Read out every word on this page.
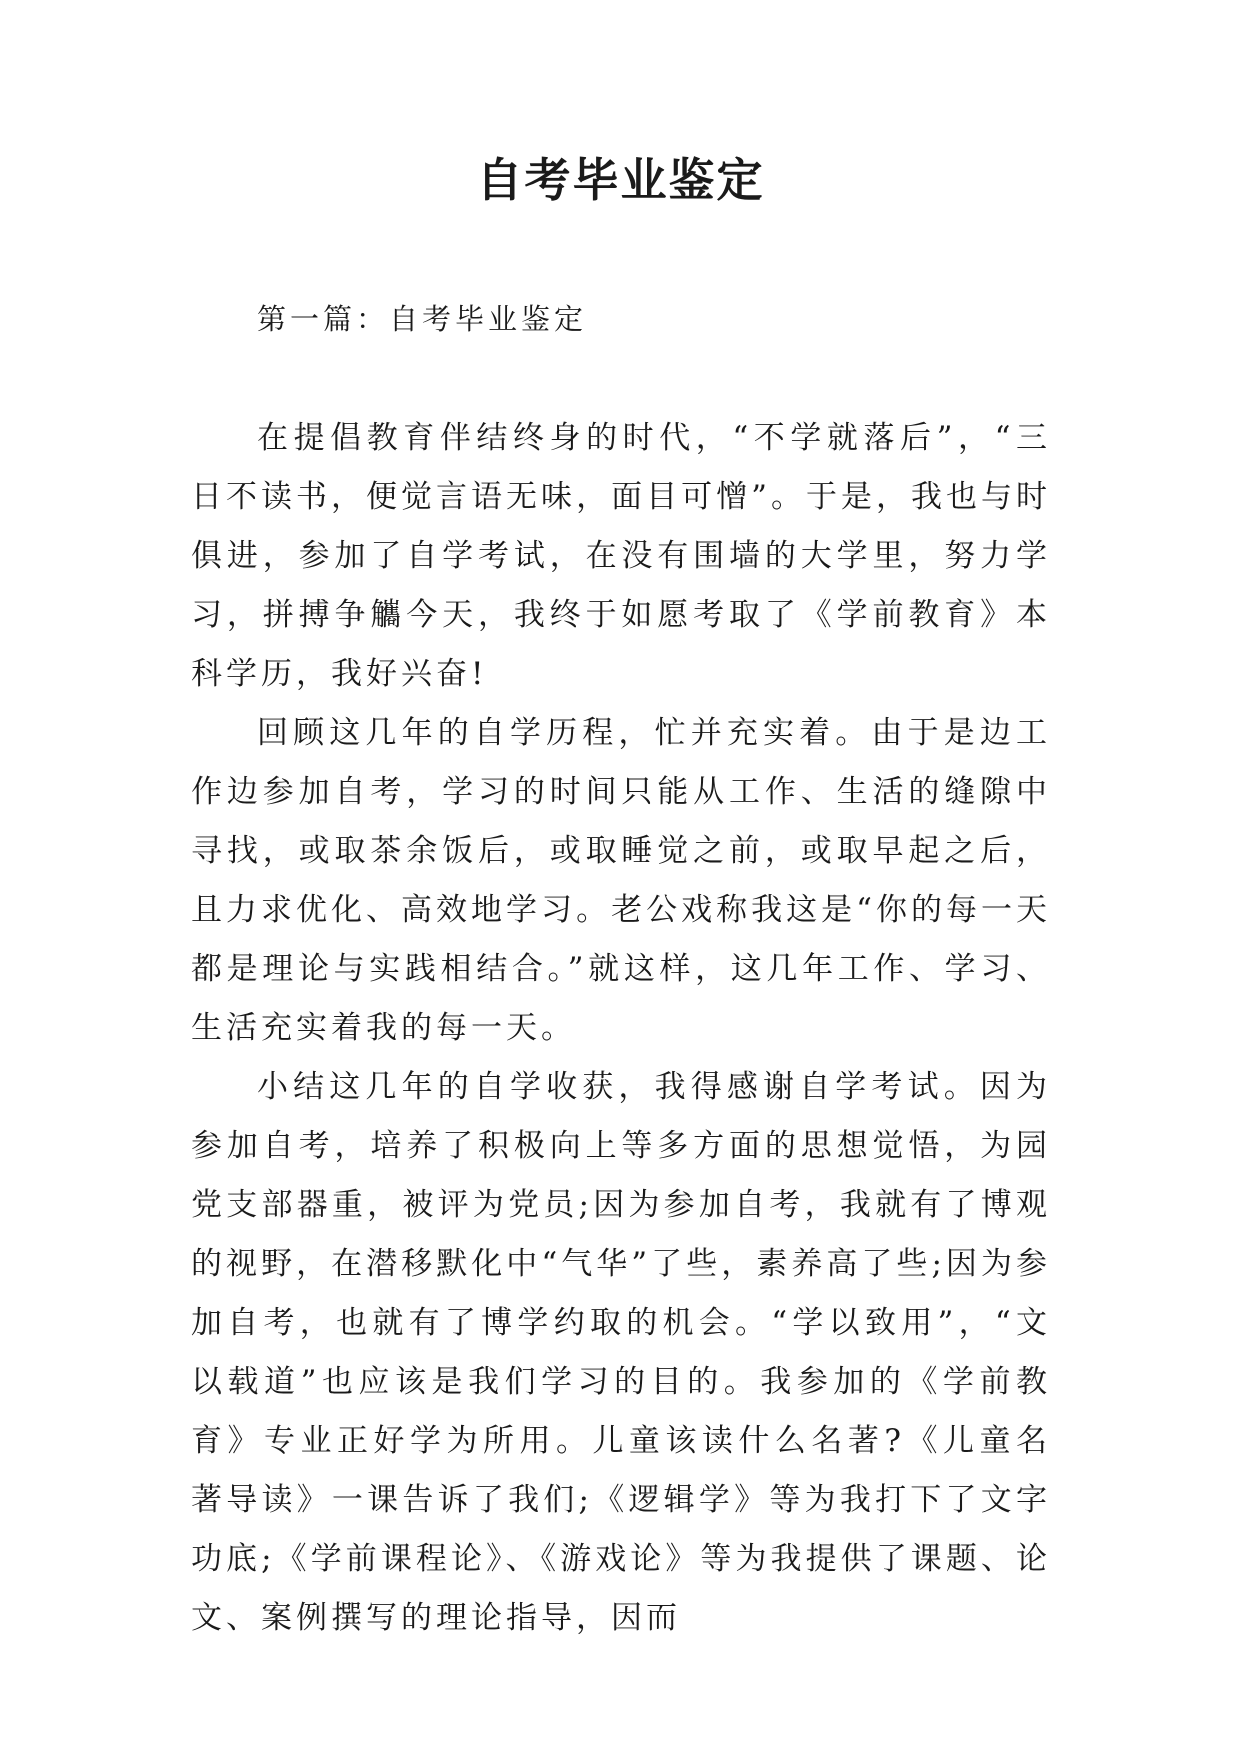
自考毕业鉴定

第一篇：自考毕业鉴定

在提倡教育伴结终身的时代，“不学就落后”，“三日不读书，便觉言语无味，面目可憎”。于是，我也与时俱进，参加了自学考试，在没有围墙的大学里，努力学习，拼搏争觿今天，我终于如愿考取了《学前教育》本科学历，我好兴奋!

回顾这几年的自学历程，忙并充实着。由于是边工作边参加自考，学习的时间只能从工作、生活的缝隙中寻找，或取茶余饭后，或取睡觉之前，或取早起之后，且力求优化、高效地学习。老公戏称我这是“你的每一天都是理论与实践相结合。”就这样，这几年工作、学习、生活充实着我的每一天。

小结这几年的自学收获，我得感谢自学考试。因为参加自考，培养了积极向上等多方面的思想觉悟，为园党支部器重，被评为党员;因为参加自考，我就有了博观的视野，在潜移默化中“气华”了些，素养高了些;因为参加自考，也就有了博学约取的机会。“学以致用”，“文以载道”也应该是我们学习的目的。我参加的《学前教育》专业正好学为所用。儿童该读什么名著?《儿童名著导读》一课告诉了我们;《逻辑学》等为我打下了文字功底;《学前课程论》、《游戏论》等为我提供了课题、论文、案例撰写的理论指导，因而
